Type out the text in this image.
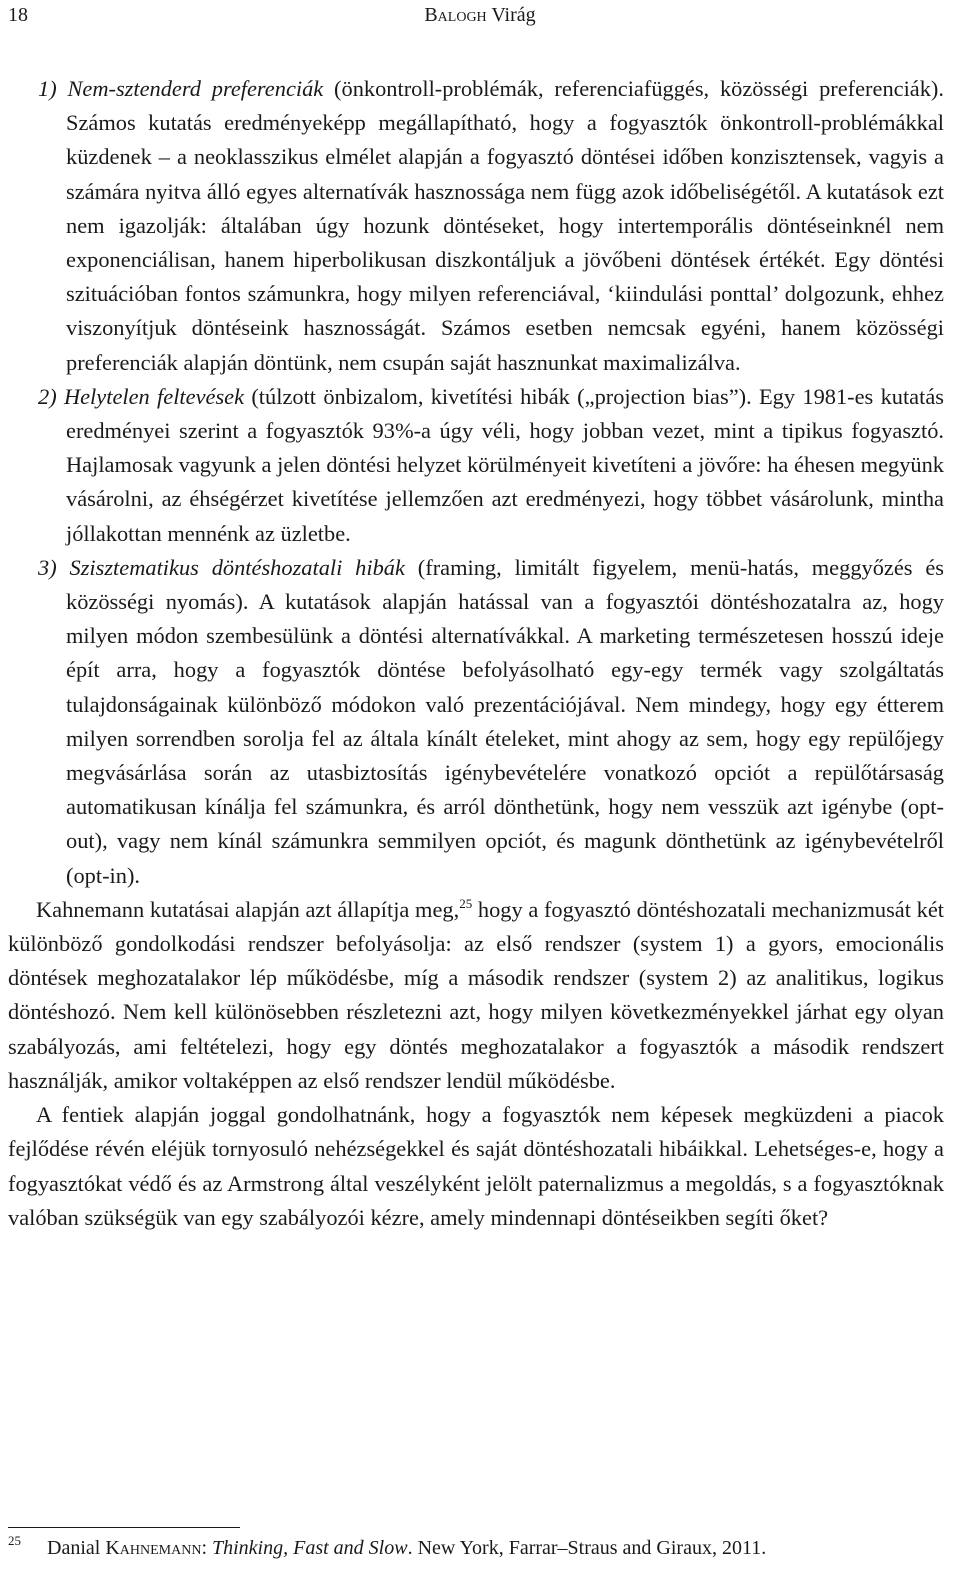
18	Balogh Virág

1) Nem-sztenderd preferenciák (önkontroll-problémák, referenciafüggés, közösségi preferenciák). Számos kutatás eredményeképp megállapítható, hogy a fogyasztók önkontroll-problémákkal küzdenek – a neoklasszikus elmélet alapján a fogyasztó döntései időben konzisztensek, vagyis a számára nyitva álló egyes alternatívák hasznossága nem függ azok időbeliségétől. A kutatások ezt nem igazolják: általában úgy hozunk döntéseket, hogy intertemporális döntéseinknél nem exponenciálisan, hanem hiperbolikusan diszkontáljuk a jövőbeni döntések értékét. Egy döntési szituációban fontos számunkra, hogy milyen referenciával, ‘kiindulási ponttal’ dolgozunk, ehhez viszonyítjuk döntéseink hasznosságát. Számos esetben nemcsak egyéni, hanem közösségi preferenciák alapján döntünk, nem csupán saját hasznunkat maximalizálva.

2) Helytelen feltevések (túlzott önbizalom, kivetítési hibák („projection bias”). Egy 1981-es kutatás eredményei szerint a fogyasztók 93%-a úgy véli, hogy jobban vezet, mint a tipikus fogyasztó. Hajlamosak vagyunk a jelen döntési helyzet körülményeit kivetíteni a jövőre: ha éhesen megyünk vásárolni, az éhségérzet kivetítése jellemzően azt eredményezi, hogy többet vásárolunk, mintha jóllakottan mennénk az üzletbe.

3) Szisztematikus döntéshozatali hibák (framing, limitált figyelem, menü-hatás, meggyőzés és közösségi nyomás). A kutatások alapján hatással van a fogyasztói döntéshozatalra az, hogy milyen módon szembesülünk a döntési alternatívákkal. A marketing természetesen hosszú ideje épít arra, hogy a fogyasztók döntése befolyásolható egy-egy termék vagy szolgáltatás tulajdonságainak különböző módokon való prezentációjával. Nem mindegy, hogy egy étterem milyen sorrendben sorolja fel az általa kínált ételeket, mint ahogy az sem, hogy egy repülőjegy megvásárlása során az utasbiztosítás igénybevételére vonatkozó opciót a repülőtársaság automatikusan kínálja fel számunkra, és arról dönthetünk, hogy nem vesszük azt igénybe (opt-out), vagy nem kínál számunkra semmilyen opciót, és magunk dönthetünk az igénybevételről (opt-in).

Kahnemann kutatásai alapján azt állapítja meg,$^{25}$ hogy a fogyasztó döntéshozatali mechanizmusát két különböző gondolkodási rendszer befolyásolja: az első rendszer (system 1) a gyors, emocionális döntések meghozatalakor lép működésbe, míg a második rendszer (system 2) az analitikus, logikus döntéshozó. Nem kell különösebben részletezni azt, hogy milyen következményekkel járhat egy olyan szabályozás, ami feltételezi, hogy egy döntés meghozatalakor a fogyasztók a második rendszert használják, amikor voltaképpen az első rendszer lendül működésbe.

A fentiek alapján joggal gondolhatnánk, hogy a fogyasztók nem képesek megküzdeni a piacok fejlődése révén eléjük tornyosuló nehézségekkel és saját döntéshozatali hibáikkal. Lehetséges-e, hogy a fogyasztókat védő és az Armstrong által veszélyként jelölt paternalizmus a megoldás, s a fogyasztóknak valóban szükségük van egy szabályozói kézre, amely mindennapi döntéseikben segíti őket?

$^{25}$ Danial Kahnemann: Thinking, Fast and Slow. New York, Farrar–Straus and Giraux, 2011.
